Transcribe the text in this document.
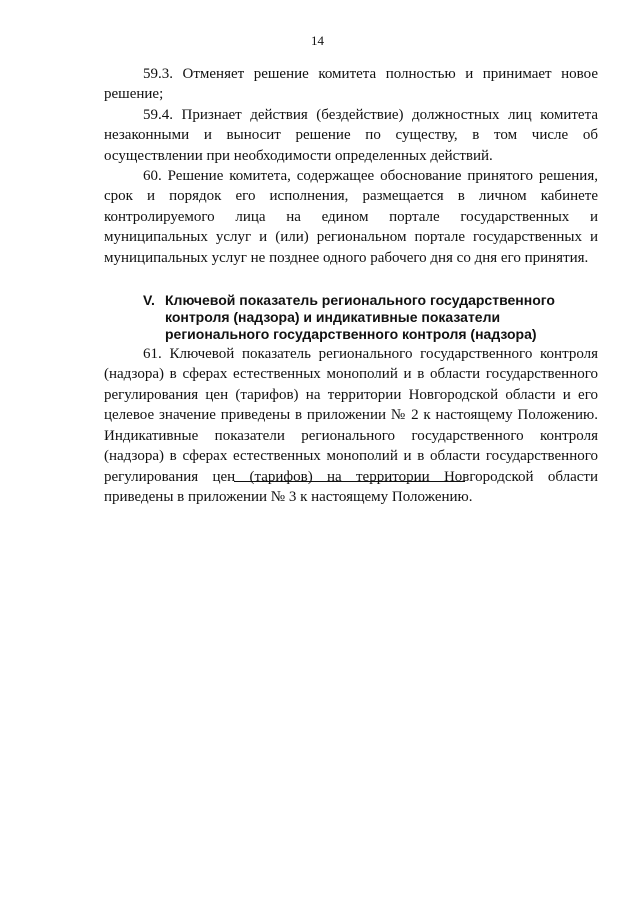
14

59.3. Отменяет решение комитета полностью и принимает новое решение;

59.4. Признает действия (бездействие) должностных лиц комитета незаконными и выносит решение по существу, в том числе об осуществлении при необходимости определенных действий.

60. Решение комитета, содержащее обоснование принятого решения, срок и порядок его исполнения, размещается в личном кабинете контролируемого лица на едином портале государственных и муниципальных услуг и (или) региональном портале государственных и муниципальных услуг не позднее одного рабочего дня со дня его принятия.

V. Ключевой показатель регионального государственного контроля (надзора) и индикативные показатели регионального государственного контроля (надзора)

61. Ключевой показатель регионального государственного контроля (надзора) в сферах естественных монополий и в области государственного регулирования цен (тарифов) на территории Новгородской области и его целевое значение приведены в приложении № 2 к настоящему Положению. Индикативные показатели регионального государственного контроля (надзора) в сферах естественных монополий и в области государственного регулирования цен (тарифов) на территории Новгородской области приведены в приложении № 3 к настоящему Положению.
